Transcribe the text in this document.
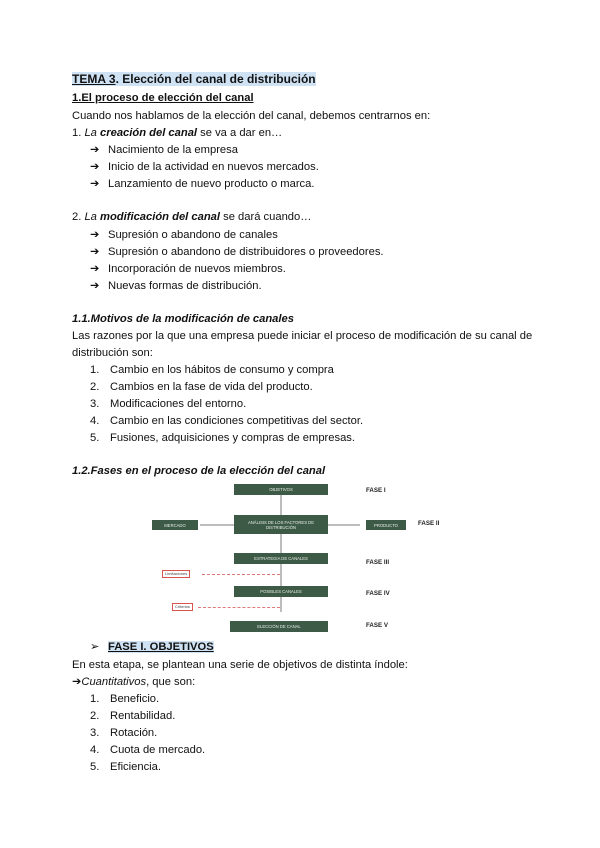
TEMA 3. Elección del canal de distribución
1.El proceso de elección del canal
Cuando nos hablamos de la elección del canal, debemos centrarnos en:
1. La creación del canal se va a dar en…
➔ Nacimiento de la empresa
➔ Inicio de la actividad en nuevos mercados.
➔ Lanzamiento de nuevo producto o marca.
2. La modificación del canal se dará cuando…
➔ Supresión o abandono de canales
➔ Supresión o abandono de distribuidores o proveedores.
➔ Incorporación de nuevos miembros.
➔ Nuevas formas de distribución.
1.1.Motivos de la modificación de canales
Las razones por la que una empresa puede iniciar el proceso de modificación de su canal de
distribución son:
1. Cambio en los hábitos de consumo y compra
2. Cambios en la fase de vida del producto.
3. Modificaciones del entorno.
4. Cambio en las condiciones competitivas del sector.
5. Fusiones, adquisiciones y compras de empresas.
1.2.Fases en el proceso de la elección del canal
OBJETIVOS
ANÁLISIS DE LOS FACTORES DE DISTRIBUCIÓN
MERCADO	PRODUCTO
ESTRATEGIA DE CANALES
POSIBLES CANALES
ELECCIÓN DE CANAL
FASE I
FASE II
FASE III
FASE IV
FASE V
Limitaciones
Criterios
➢ FASE I. OBJETIVOS
En esta etapa, se plantean una serie de objetivos de distinta índole:
➔Cuantitativos, que son:
1. Beneficio.
2. Rentabilidad.
3. Rotación.
4. Cuota de mercado.
5. Eficiencia.
